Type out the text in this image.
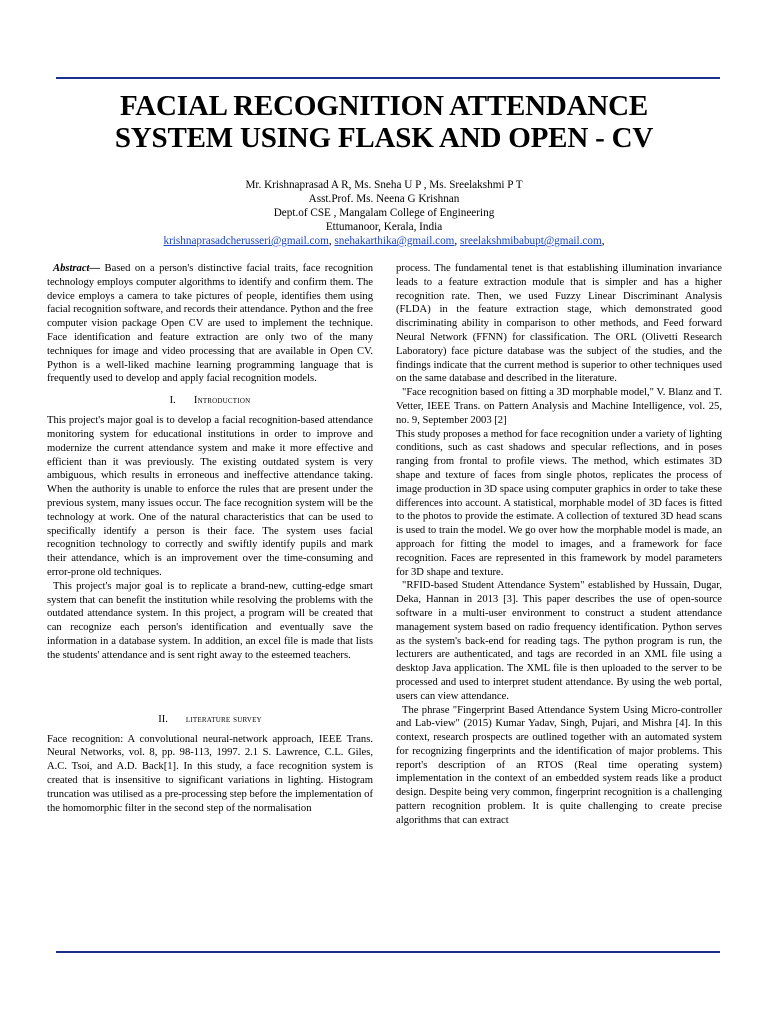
FACIAL RECOGNITION ATTENDANCE
SYSTEM USING FLASK AND OPEN - CV
Mr. Krishnaprasad A R, Ms. Sneha U P , Ms. Sreelakshmi P T
Asst.Prof. Ms. Neena G Krishnan
Dept.of CSE , Mangalam College of Engineering
Ettumanoor, Kerala, India
krishnaprasadcherusseri@gmail.com, snehakarthika@gmail.com, sreelakshmibabupt@gmail.com,

Abstract— Based on a person's distinctive facial traits, face recognition technology employs computer algorithms to identify and confirm them. The device employs a camera to take pictures of people, identifies them using facial recognition software, and records their attendance. Python and the free computer vision package Open CV are used to implement the technique. Face identification and feature extraction are only two of the many techniques for image and video processing that are available in Open CV. Python is a well-liked machine learning programming language that is frequently used to develop and apply facial recognition models.

I. Introduction

This project's major goal is to develop a facial recognition-based attendance monitoring system for educational institutions in order to improve and modernize the current attendance system and make it more effective and efficient than it was previously. The existing outdated system is very ambiguous, which results in erroneous and ineffective attendance taking. When the authority is unable to enforce the rules that are present under the previous system, many issues occur. The face recognition system will be the technology at work. One of the natural characteristics that can be used to specifically identify a person is their face. The system uses facial recognition technology to correctly and swiftly identify pupils and mark their attendance, which is an improvement over the time-consuming and error-prone old techniques.

This project's major goal is to replicate a brand-new, cutting-edge smart system that can benefit the institution while resolving the problems with the outdated attendance system. In this project, a program will be created that can recognize each person's identification and eventually save the information in a database system. In addition, an excel file is made that lists the students' attendance and is sent right away to the esteemed teachers.

II. literature survey

Face recognition: A convolutional neural-network approach, IEEE Trans. Neural Networks, vol. 8, pp. 98-113, 1997. 2.1 S. Lawrence, C.L. Giles, A.C. Tsoi, and A.D. Back[1]. In this study, a face recognition system is created that is insensitive to significant variations in lighting. Histogram truncation was utilised as a pre-processing step before the implementation of the homomorphic filter in the second step of the normalisation

process. The fundamental tenet is that establishing illumination invariance leads to a feature extraction module that is simpler and has a higher recognition rate. Then, we used Fuzzy Linear Discriminant Analysis (FLDA) in the feature extraction stage, which demonstrated good discriminating ability in comparison to other methods, and Feed forward Neural Network (FFNN) for classification. The ORL (Olivetti Research Laboratory) face picture database was the subject of the studies, and the findings indicate that the current method is superior to other techniques used on the same database and described in the literature.

"Face recognition based on fitting a 3D morphable model," V. Blanz and T. Vetter, IEEE Trans. on Pattern Analysis and Machine Intelligence, vol. 25, no. 9, September 2003 [2]

This study proposes a method for face recognition under a variety of lighting conditions, such as cast shadows and specular reflections, and in poses ranging from frontal to profile views. The method, which estimates 3D shape and texture of faces from single photos, replicates the process of image production in 3D space using computer graphics in order to take these differences into account. A statistical, morphable model of 3D faces is fitted to the photos to provide the estimate. A collection of textured 3D head scans is used to train the model. We go over how the morphable model is made, an approach for fitting the model to images, and a framework for face recognition. Faces are represented in this framework by model parameters for 3D shape and texture.

"RFID-based Student Attendance System" established by Hussain, Dugar, Deka, Hannan in 2013 [3]. This paper describes the use of open-source software in a multi-user environment to construct a student attendance management system based on radio frequency identification. Python serves as the system's back-end for reading tags. The python program is run, the lecturers are authenticated, and tags are recorded in an XML file using a desktop Java application. The XML file is then uploaded to the server to be processed and used to interpret student attendance. By using the web portal, users can view attendance.

The phrase "Fingerprint Based Attendance System Using Micro-controller and Lab-view" (2015) Kumar Yadav, Singh, Pujari, and Mishra [4]. In this context, research prospects are outlined together with an automated system for recognizing fingerprints and the identification of major problems. This report's description of an RTOS (Real time operating system) implementation in the context of an embedded system reads like a product design. Despite being very common, fingerprint recognition is a challenging pattern recognition problem. It is quite challenging to create precise algorithms that can extract
